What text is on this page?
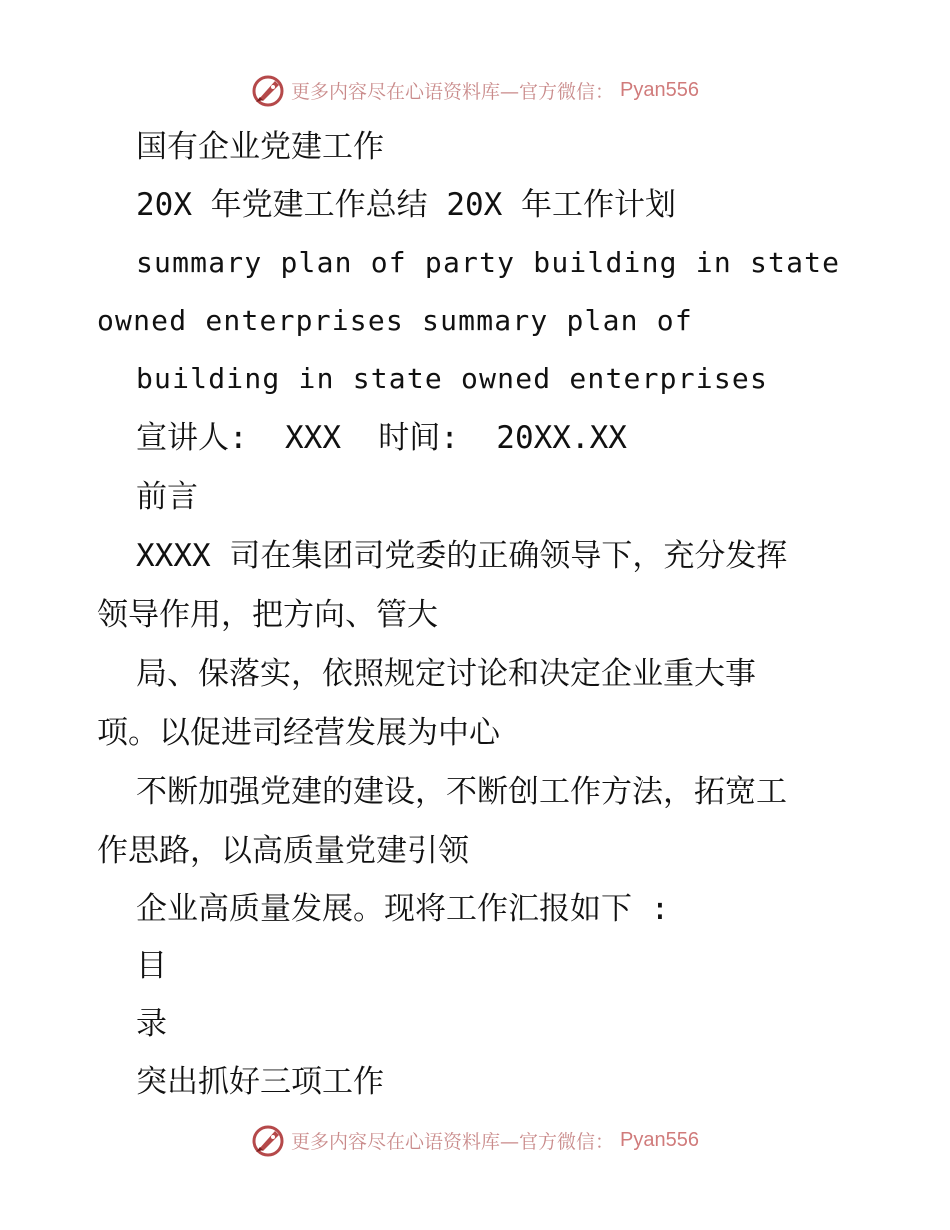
更多内容尽在心语资料库—官方微信： Pyan556
国有企业党建工作
20X 年党建工作总结 20X 年工作计划
summary plan of party building in state
owned enterprises summary plan of
building in state owned enterprises
宣讲人:  XXX  时间:  20XX.XX
前言
XXXX 司在集团司党委的正确领导下，充分发挥
领导作用，把方向、管大
局、保落实，依照规定讨论和决定企业重大事
项。以促进司经营发展为中心
不断加强党建的建设，不断创工作方法，拓宽工
作思路，以高质量党建引领
企业高质量发展。现将工作汇报如下 :
目
录
突出抓好三项工作
更多内容尽在心语资料库—官方微信： Pyan556
